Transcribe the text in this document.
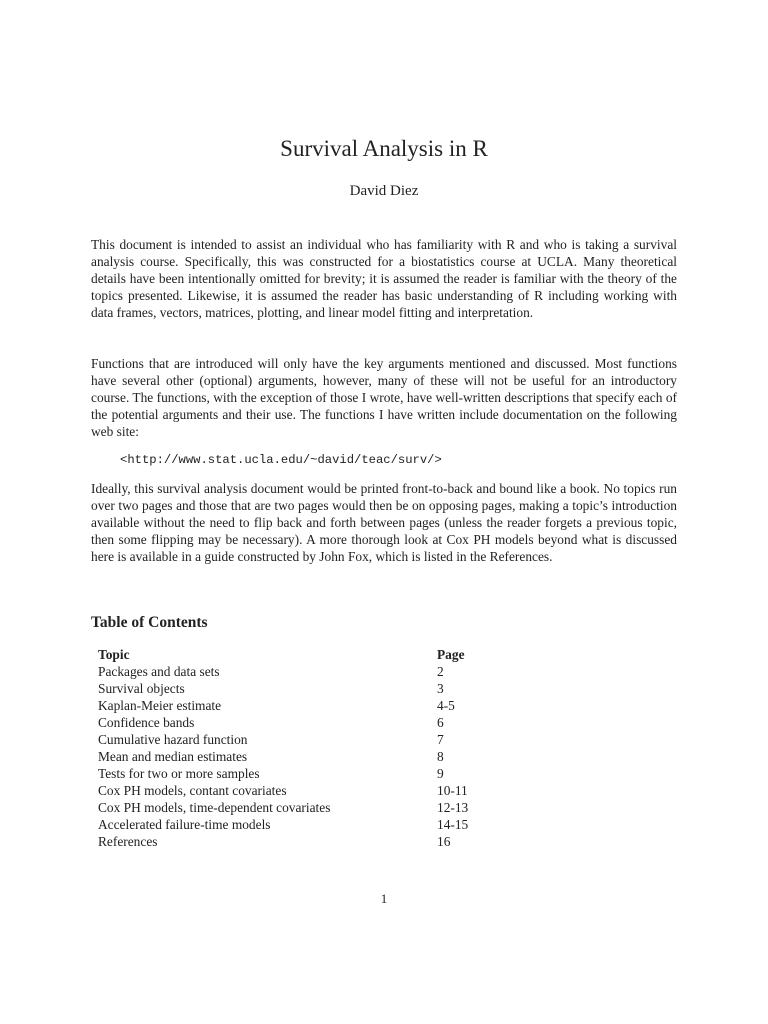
Survival Analysis in R

David Diez

This document is intended to assist an individual who has familiarity with R and who is taking a survival analysis course. Specifically, this was constructed for a biostatistics course at UCLA. Many theoretical details have been intentionally omitted for brevity; it is assumed the reader is familiar with the theory of the topics presented. Likewise, it is assumed the reader has basic understanding of R including working with data frames, vectors, matrices, plotting, and linear model fitting and interpretation.

Functions that are introduced will only have the key arguments mentioned and discussed. Most functions have several other (optional) arguments, however, many of these will not be useful for an introductory course. The functions, with the exception of those I wrote, have well-written descriptions that specify each of the potential arguments and their use. The functions I have written include documentation on the following web site:

<http://www.stat.ucla.edu/~david/teac/surv/>

Ideally, this survival analysis document would be printed front-to-back and bound like a book. No topics run over two pages and those that are two pages would then be on opposing pages, making a topic’s introduction available without the need to flip back and forth between pages (unless the reader forgets a previous topic, then some flipping may be necessary). A more thorough look at Cox PH models beyond what is discussed here is available in a guide constructed by John Fox, which is listed in the References.

Table of Contents
Topic	Page
Packages and data sets	2
Survival objects	3
Kaplan-Meier estimate	4-5
Confidence bands	6
Cumulative hazard function	7
Mean and median estimates	8
Tests for two or more samples	9
Cox PH models, contant covariates	10-11
Cox PH models, time-dependent covariates	12-13
Accelerated failure-time models	14-15
References	16

1
